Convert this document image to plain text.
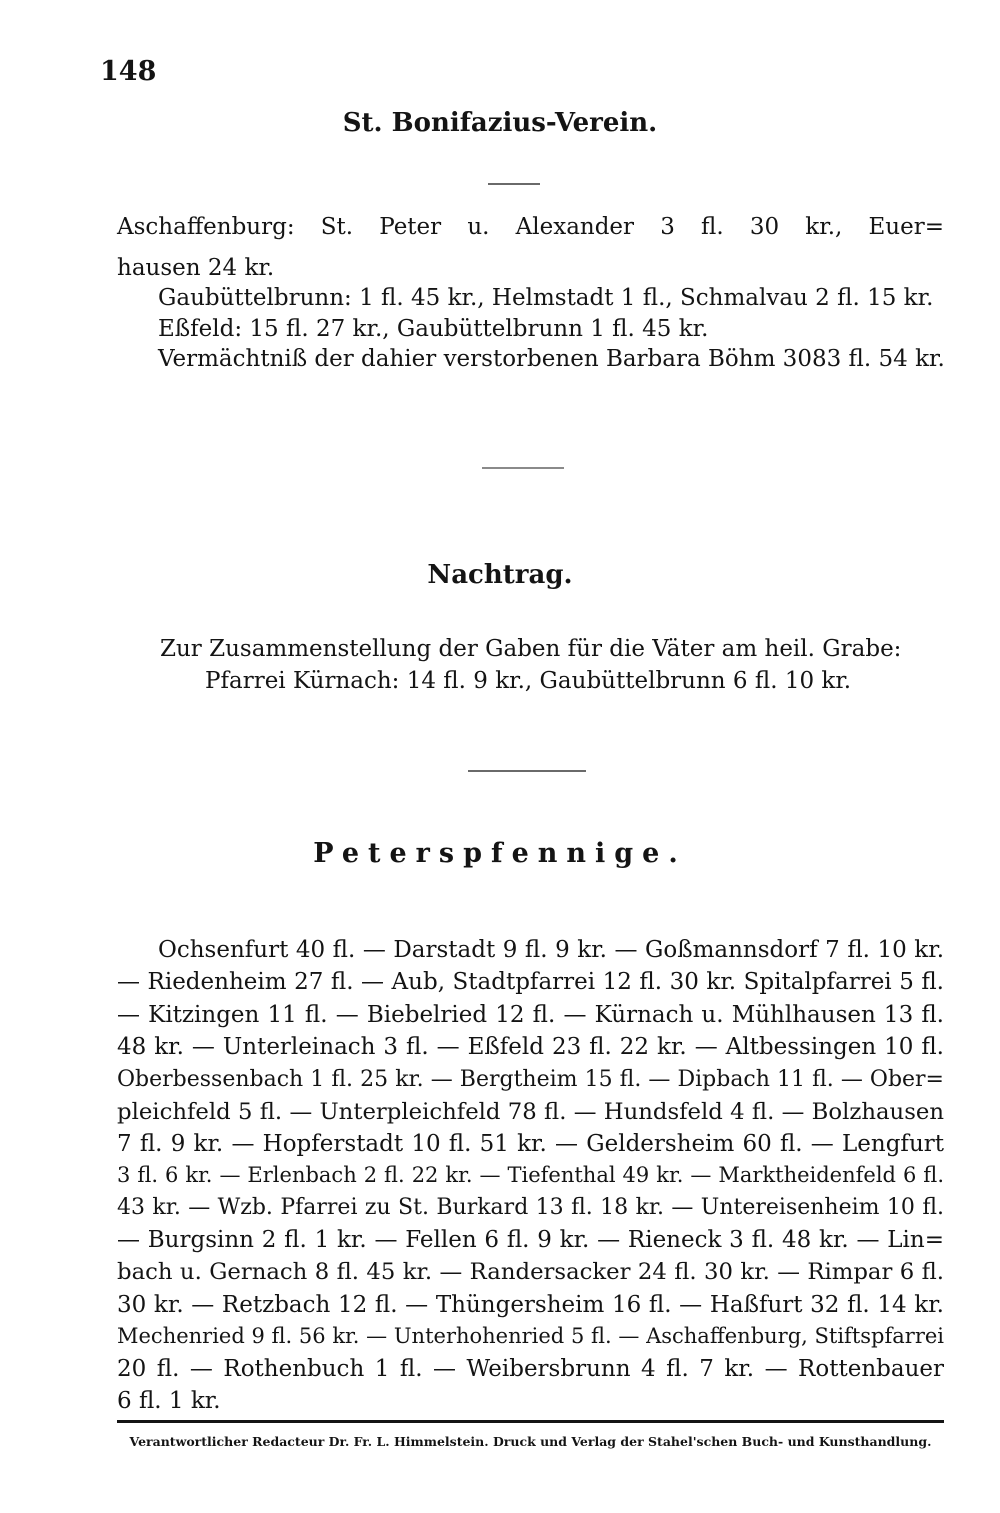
148
St. Bonifazius-Verein.
Aschaffenburg: St. Peter u. Alexander 3 fl. 30 kr., Euer=
hausen 24 kr.
Gaubüttelbrunn: 1 fl. 45 kr., Helmstadt 1 fl., Schmalvau 2 fl. 15 kr.
Eßfeld: 15 fl. 27 kr., Gaubüttelbrunn 1 fl. 45 kr.
Vermächtniß der dahier verstorbenen Barbara Böhm 3083 fl. 54 kr.
Nachtrag.
Zur Zusammenstellung der Gaben für die Väter am heil. Grabe:
Pfarrei Kürnach: 14 fl. 9 kr., Gaubüttelbrunn 6 fl. 10 kr.
Peterspfennige.
Ochsenfurt 40 fl. — Darstadt 9 fl. 9 kr. — Goßmannsdorf 7 fl. 10 kr.
— Riedenheim 27 fl. — Aub, Stadtpfarrei 12 fl. 30 kr. Spitalpfarrei 5 fl.
— Kitzingen 11 fl. — Biebelried 12 fl. — Kürnach u. Mühlhausen 13 fl.
48 kr. — Unterleinach 3 fl. — Eßfeld 23 fl. 22 kr. — Altbessingen 10 fl.
Oberbessenbach 1 fl. 25 kr. — Bergtheim 15 fl. — Dipbach 11 fl. — Ober=
pleichfeld 5 fl. — Unterpleichfeld 78 fl. — Hundsfeld 4 fl. — Bolzhausen
7 fl. 9 kr. — Hopferstadt 10 fl. 51 kr. — Geldersheim 60 fl. — Lengfurt
3 fl. 6 kr. — Erlenbach 2 fl. 22 kr. — Tiefenthal 49 kr. — Marktheidenfeld 6 fl.
43 kr. — Wzb. Pfarrei zu St. Burkard 13 fl. 18 kr. — Untereisenheim 10 fl.
— Burgsinn 2 fl. 1 kr. — Fellen 6 fl. 9 kr. — Rieneck 3 fl. 48 kr. — Lin=
bach u. Gernach 8 fl. 45 kr. — Randersacker 24 fl. 30 kr. — Rimpar 6 fl.
30 kr. — Retzbach 12 fl. — Thüngersheim 16 fl. — Haßfurt 32 fl. 14 kr.
Mechenried 9 fl. 56 kr. — Unterhohenried 5 fl. — Aschaffenburg, Stiftspfarrei
20 fl. — Rothenbuch 1 fl. — Weibersbrunn 4 fl. 7 kr. — Rottenbauer
6 fl. 1 kr.
Verantwortlicher Redacteur Dr. Fr. L. Himmelstein. Druck und Verlag der Stahel'schen Buch- und Kunsthandlung.
